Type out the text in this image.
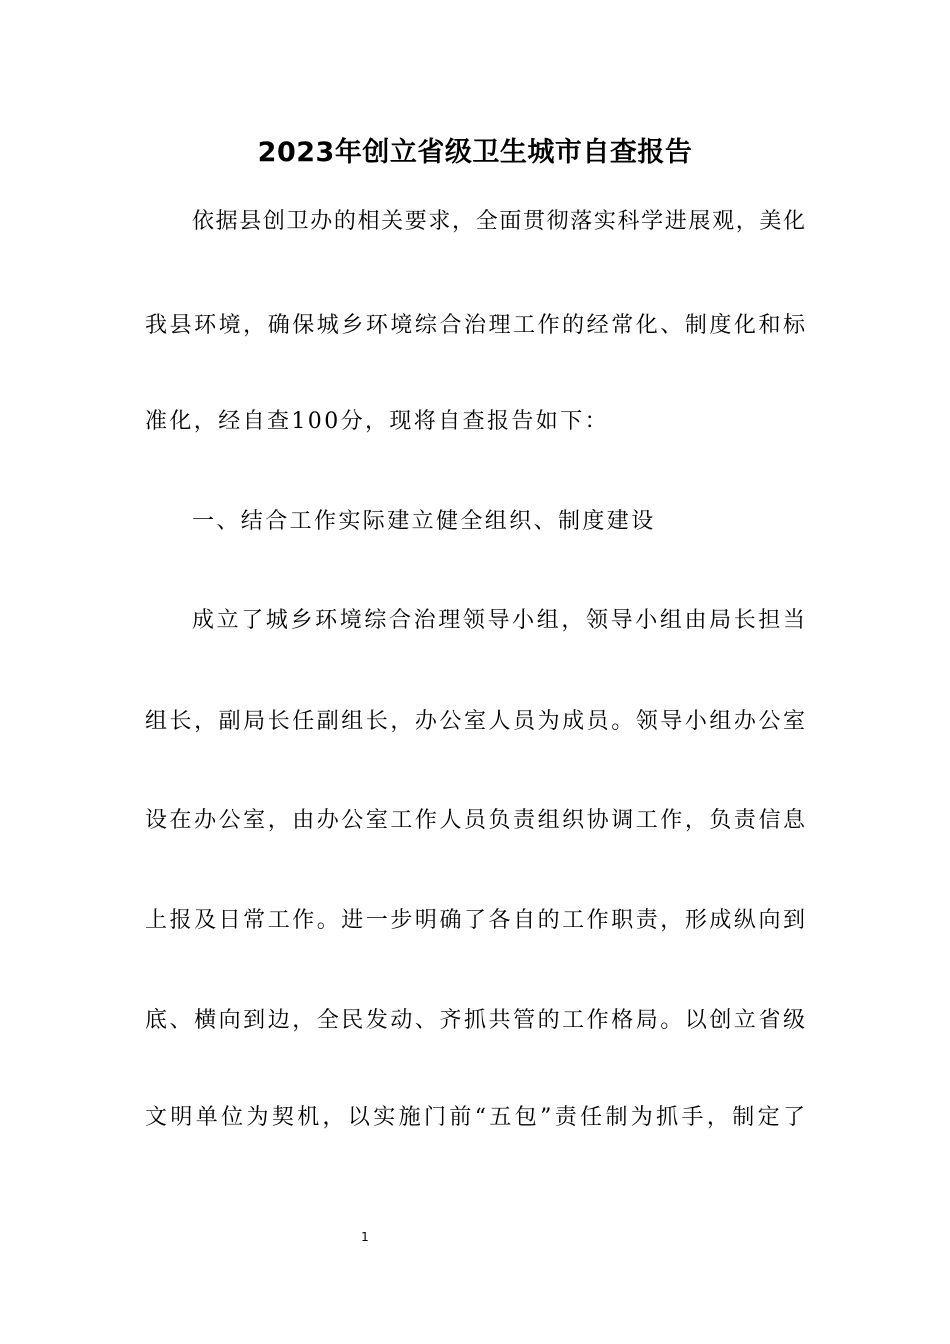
2023年创立省级卫生城市自查报告
依据县创卫办的相关要求，全面贯彻落实科学进展观，美化
我县环境，确保城乡环境综合治理工作的经常化、制度化和标
准化，经自查100分，现将自查报告如下：
一、结合工作实际建立健全组织、制度建设
成立了城乡环境综合治理领导小组，领导小组由局长担当
组长，副局长任副组长，办公室人员为成员。领导小组办公室
设在办公室，由办公室工作人员负责组织协调工作，负责信息
上报及日常工作。进一步明确了各自的工作职责，形成纵向到
底、横向到边，全民发动、齐抓共管的工作格局。以创立省级
文明单位为契机，以实施门前“五包”责任制为抓手，制定了
1
